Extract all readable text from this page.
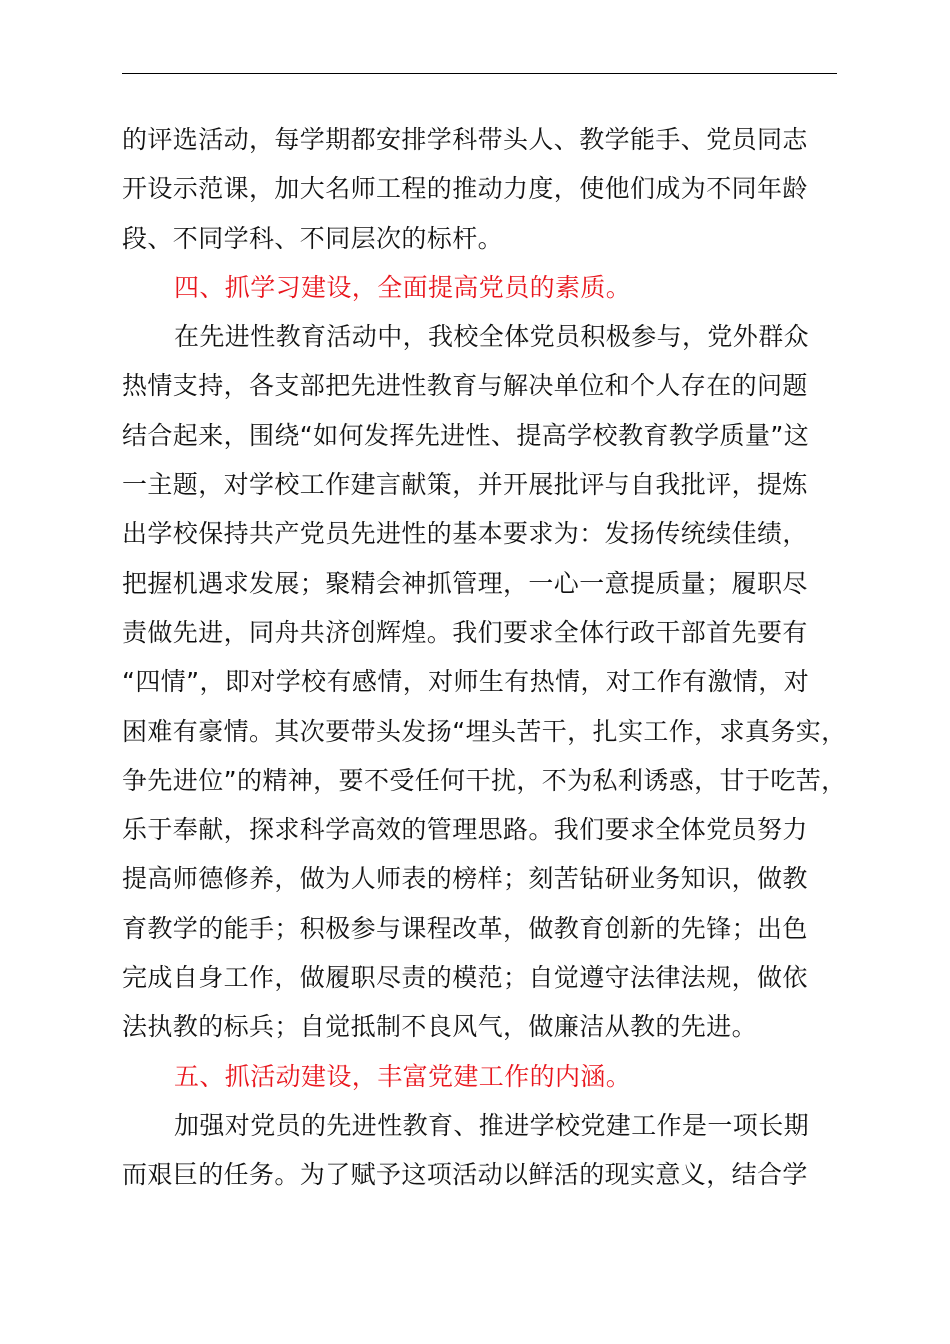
的评选活动，每学期都安排学科带头人、教学能手、党员同志
开设示范课，加大名师工程的推动力度，使他们成为不同年龄
段、不同学科、不同层次的标杆。
四、抓学习建设，全面提高党员的素质。
在先进性教育活动中，我校全体党员积极参与，党外群众
热情支持，各支部把先进性教育与解决单位和个人存在的问题
结合起来，围绕“如何发挥先进性、提高学校教育教学质量”这
一主题，对学校工作建言献策，并开展批评与自我批评，提炼
出学校保持共产党员先进性的基本要求为：发扬传统续佳绩，
把握机遇求发展；聚精会神抓管理，一心一意提质量；履职尽
责做先进，同舟共济创辉煌。我们要求全体行政干部首先要有
“四情”，即对学校有感情，对师生有热情，对工作有激情，对
困难有豪情。其次要带头发扬“埋头苦干，扎实工作，求真务实，
争先进位”的精神，要不受任何干扰，不为私利诱惑，甘于吃苦，
乐于奉献，探求科学高效的管理思路。我们要求全体党员努力
提高师德修养，做为人师表的榜样；刻苦钻研业务知识，做教
育教学的能手；积极参与课程改革，做教育创新的先锋；出色
完成自身工作，做履职尽责的模范；自觉遵守法律法规，做依
法执教的标兵；自觉抵制不良风气，做廉洁从教的先进。
五、抓活动建设，丰富党建工作的内涵。
加强对党员的先进性教育、推进学校党建工作是一项长期
而艰巨的任务。为了赋予这项活动以鲜活的现实意义，结合学
